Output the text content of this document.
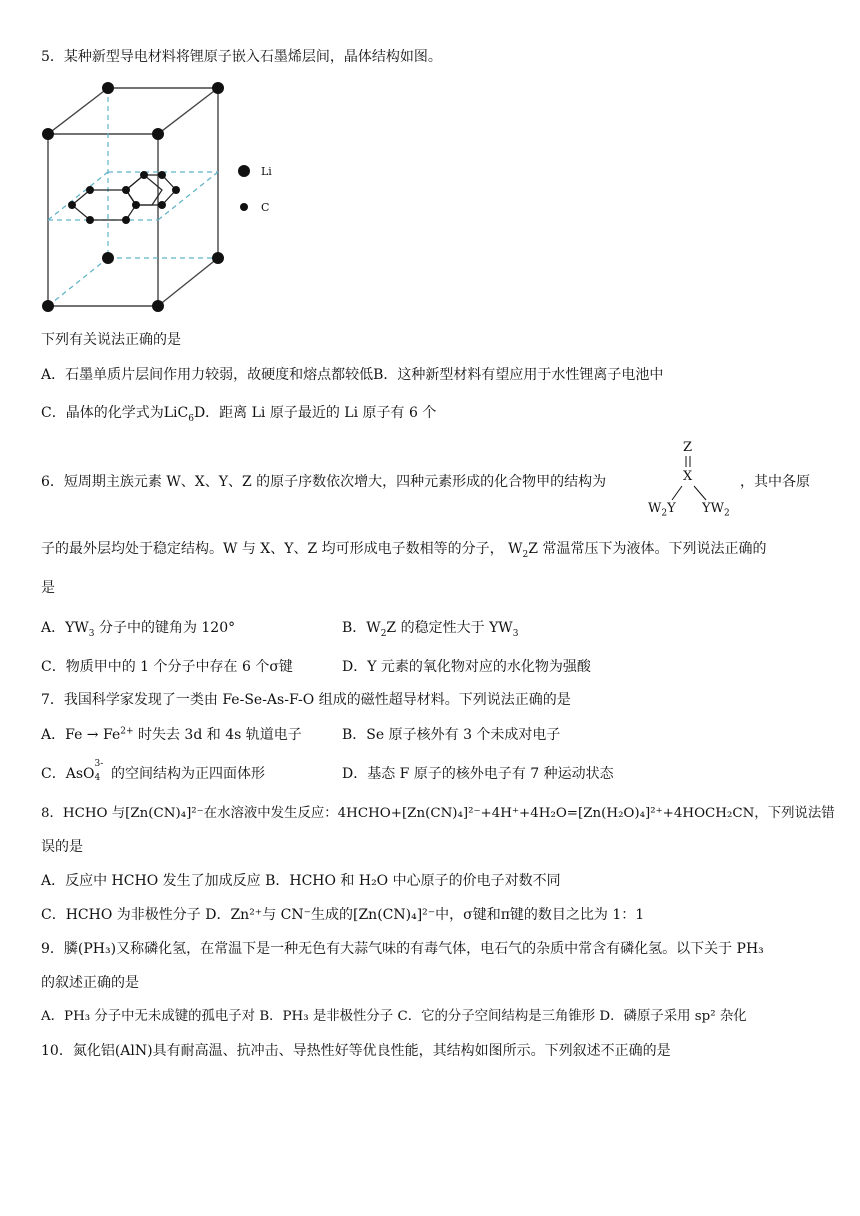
5．某种新型导电材料将锂原子嵌入石墨烯层间，晶体结构如图。
Li
C
下列有关说法正确的是
A．石墨单质片层间作用力较弱，故硬度和熔点都较低B．这种新型材料有望应用于水性锂离子电池中
C．晶体的化学式为LiC$_6$D．距离 Li 原子最近的 Li 原子有 6 个
6．短周期主族元素 W、X、Y、Z 的原子序数依次增大，四种元素形成的化合物甲的结构为	，其中各原
Z
X
$W_2Y$ $YW_2$
子的最外层均处于稳定结构。W 与 X、Y、Z 均可形成电子数相等的分子， $W_2Z$ 常温常压下为液体。下列说法正确的
是
A．$YW_3$ 分子中的键角为 120°	B．$W_2Z$ 的稳定性大于 $YW_3$
C．物质甲中的 1 个分子中存在 6 个σ键	D．Y 元素的氧化物对应的水化物为强酸
7．我国科学家发现了一类由 Fe-Se-As-F-O 组成的磁性超导材料。下列说法正确的是
A．$Fe \to Fe^{2+}$ 时失去 3d 和 4s 轨道电子	B．Se 原子核外有 3 个未成对电子
C．AsO
3-
4 的空间结构为正四面体形	D．基态 F 原子的核外电子有 7 种运动状态
8．HCHO 与[Zn(CN)₄]²⁻在水溶液中发生反应：4HCHO+[Zn(CN)₄]²⁻+4H⁺+4H₂O=[Zn(H₂O)₄]²⁺+4HOCH₂CN，下列说法错
误的是
A．反应中 HCHO 发生了加成反应 B．HCHO 和 H₂O 中心原子的价电子对数不同
C．HCHO 为非极性分子 D．Zn²⁺与 CN⁻生成的[Zn(CN)₄]²⁻中，σ键和π键的数目之比为 1：1
9．膦(PH₃)又称磷化氢，在常温下是一种无色有大蒜气味的有毒气体，电石气的杂质中常含有磷化氢。以下关于 PH₃
的叙述正确的是
A．PH₃ 分子中无未成键的孤电子对 B．PH₃ 是非极性分子 C．它的分子空间结构是三角锥形 D．磷原子采用 sp² 杂化
10．氮化铝(AlN)具有耐高温、抗冲击、导热性好等优良性能，其结构如图所示。下列叙述不正确的是
